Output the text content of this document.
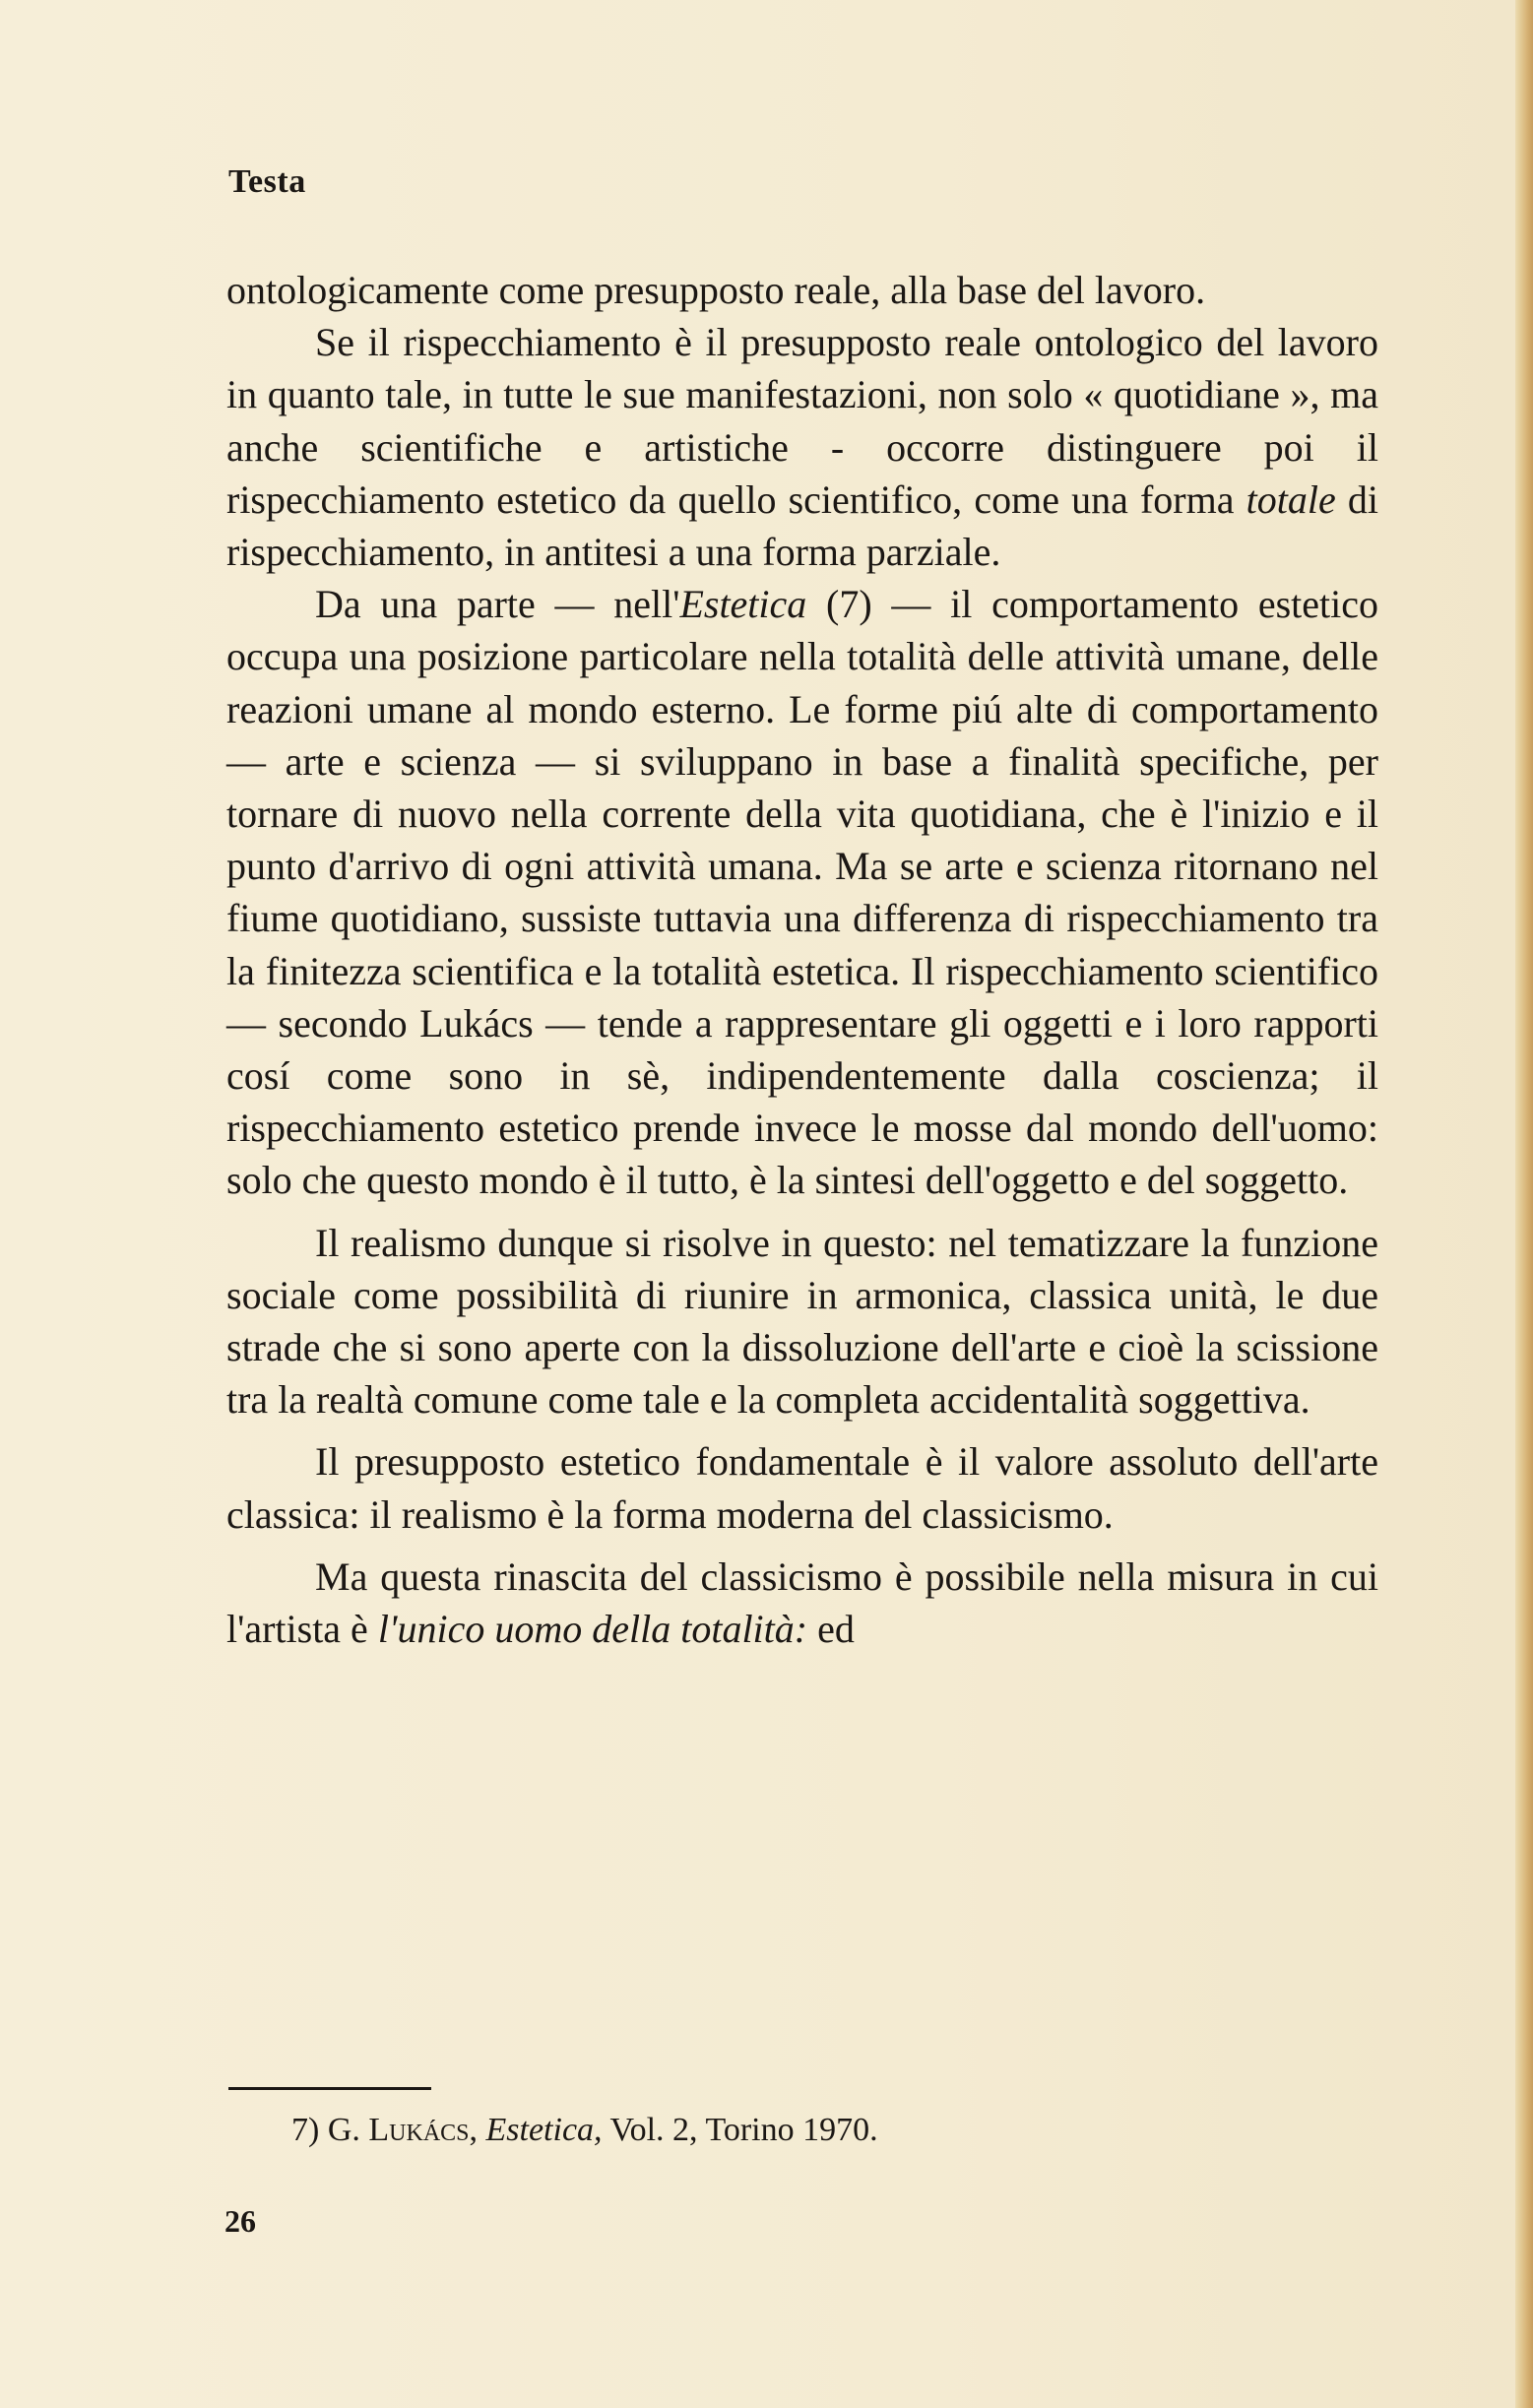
Testa

ontologicamente come presupposto reale, alla base del lavoro.

Se il rispecchiamento è il presupposto reale ontologico del lavoro in quanto tale, in tutte le sue manifestazioni, non solo « quotidiane », ma anche scientifiche e artistiche - occorre distinguere poi il rispecchiamento estetico da quello scientifico, come una forma totale di rispecchiamento, in antitesi a una forma parziale.

Da una parte — nell'Estetica (7) — il comportamento estetico occupa una posizione particolare nella totalità delle attività umane, delle reazioni umane al mondo esterno. Le forme piú alte di comportamento — arte e scienza — si sviluppano in base a finalità specifiche, per tornare di nuovo nella corrente della vita quotidiana, che è l'inizio e il punto d'arrivo di ogni attività umana. Ma se arte e scienza ritornano nel fiume quotidiano, sussiste tuttavia una differenza di rispecchiamento tra la finitezza scientifica e la totalità estetica. Il rispecchiamento scientifico — secondo Lukács — tende a rappresentare gli oggetti e i loro rapporti cosí come sono in sè, indipendentemente dalla coscienza; il rispecchiamento estetico prende invece le mosse dal mondo dell'uomo: solo che questo mondo è il tutto, è la sintesi dell'oggetto e del soggetto.

Il realismo dunque si risolve in questo: nel tematizzare la funzione sociale come possibilità di riunire in armonica, classica unità, le due strade che si sono aperte con la dissoluzione dell'arte e cioè la scissione tra la realtà comune come tale e la completa accidentalità soggettiva.

Il presupposto estetico fondamentale è il valore assoluto dell'arte classica: il realismo è la forma moderna del classicismo.

Ma questa rinascita del classicismo è possibile nella misura in cui l'artista è l'unico uomo della totalità: ed

7) G. Lukács, Estetica, Vol. 2, Torino 1970.
26
